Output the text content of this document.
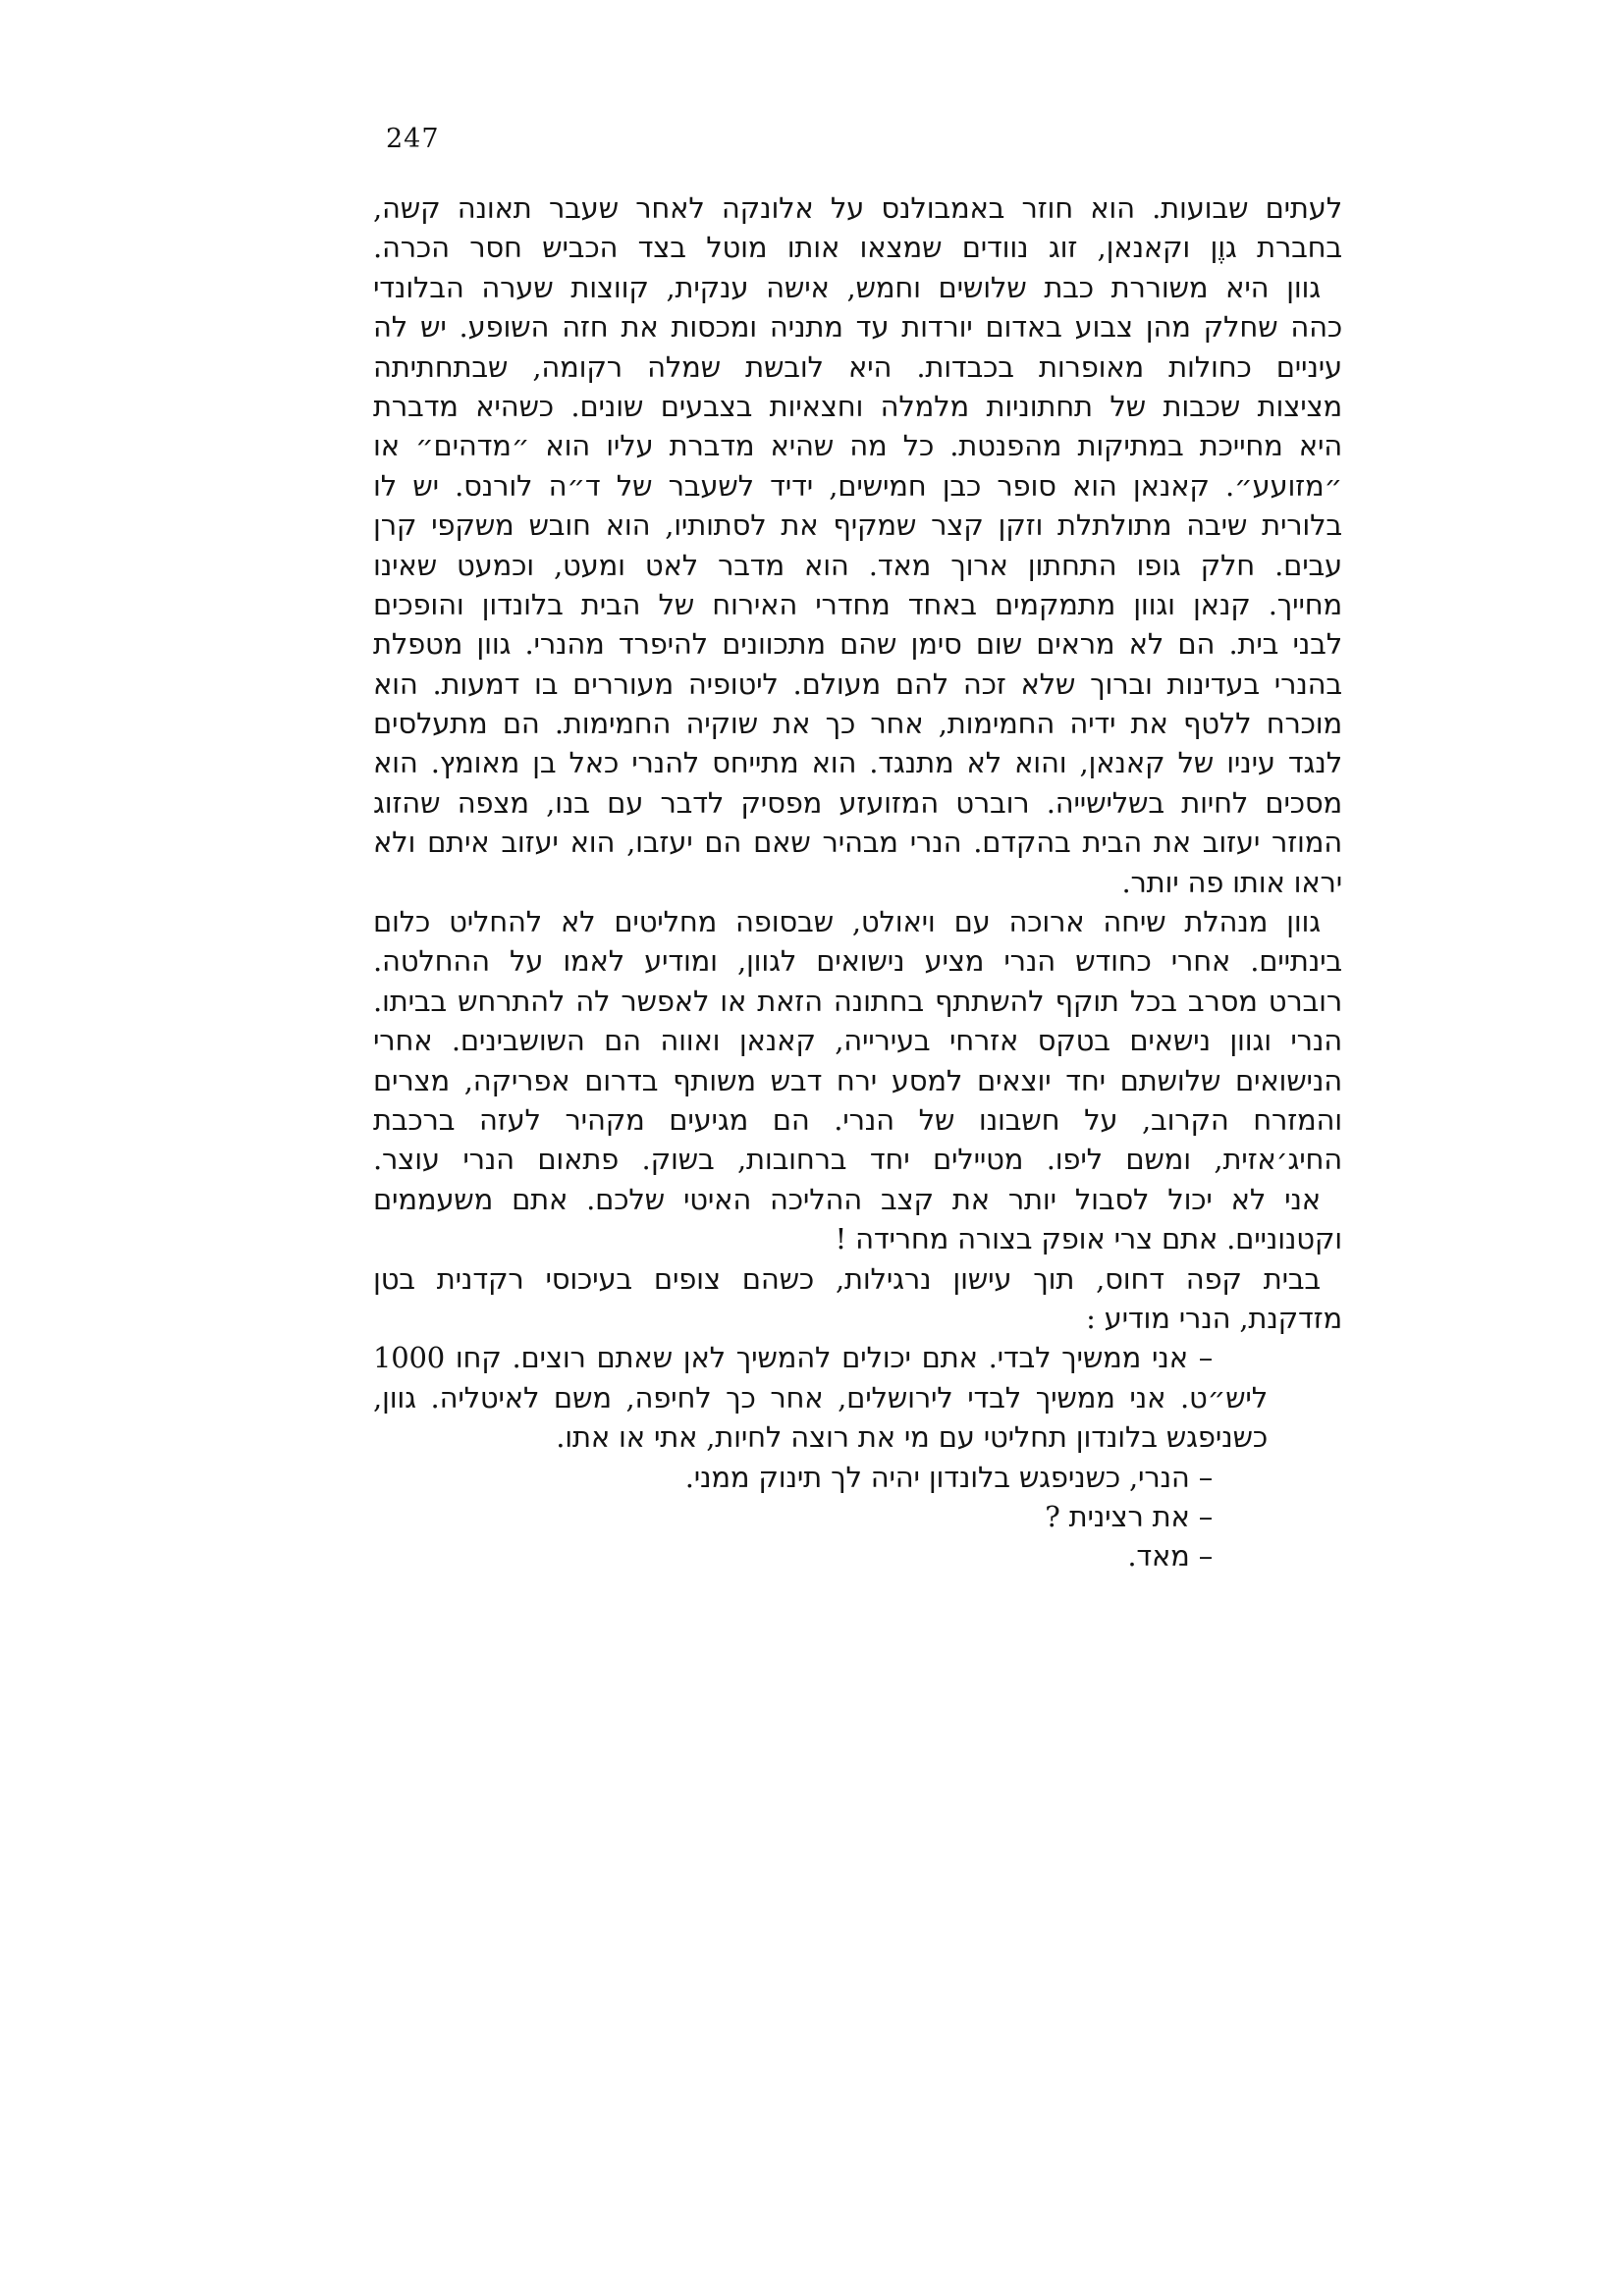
247
לעתים שבועות. הוא חוזר באמבולנס על אלונקה לאחר שעבר תאונה קשה,
בחברת גוֶן וקאנאן, זוג נוודים שמצאו אותו מוטל בצד הכביש חסר הכרה.
גוון היא משוררת כבת שלושים וחמש, אישה ענקית, קווצות שערה הבלונדי
כהה שחלק מהן צבוע באדום יורדות עד מתניה ומכסות את חזה השופע. יש לה
עיניים כחולות מאופרות בכבדות. היא לובשת שמלה רקומה, שבתחתיתה
מציצות שכבות של תחתוניות מלמלה וחצאיות בצבעים שונים. כשהיא מדברת
היא מחייכת במתיקות מהפנטת. כל מה שהיא מדברת עליו הוא ״מדהים״ או
״מזועע״. קאנאן הוא סופר כבן חמישים, ידיד לשעבר של ד״ה לורנס. יש לו
בלורית שיבה מתולתלת וזקן קצר שמקיף את לסתותיו, הוא חובש משקפי קרן
עבים. חלק גופו התחתון ארוך מאד. הוא מדבר לאט ומעט, וכמעט שאינו
מחייך. קנאן וגוון מתמקמים באחד מחדרי האירוח של הבית בלונדון והופכים
לבני בית. הם לא מראים שום סימן שהם מתכוונים להיפרד מהנרי. גוון מטפלת
בהנרי בעדינות וברוך שלא זכה להם מעולם. ליטופיה מעוררים בו דמעות. הוא
מוכרח ללטף את ידיה החמימות, אחר כך את שוקיה החמימות. הם מתעלסים
לנגד עיניו של קאנאן, והוא לא מתנגד. הוא מתייחס להנרי כאל בן מאומץ. הוא
מסכים לחיות בשלישייה. רוברט המזועזע מפסיק לדבר עם בנו, מצפה שהזוג
המוזר יעזוב את הבית בהקדם. הנרי מבהיר שאם הם יעזבו, הוא יעזוב איתם ולא
יראו אותו פה יותר.
גוון מנהלת שיחה ארוכה עם ויאולט, שבסופה מחליטים לא להחליט כלום
בינתיים. אחרי כחודש הנרי מציע נישואים לגוון, ומודיע לאמו על ההחלטה.
רוברט מסרב בכל תוקף להשתתף בחתונה הזאת או לאפשר לה להתרחש בביתו.
הנרי וגוון נישאים בטקס אזרחי בעירייה, קאנאן ואווה הם השושבינים. אחרי
הנישואים שלושתם יחד יוצאים למסע ירח דבש משותף בדרום אפריקה, מצרים
והמזרח הקרוב, על חשבונו של הנרי. הם מגיעים מקהיר לעזה ברכבת
החיג׳אזית, ומשם ליפו. מטיילים יחד ברחובות, בשוק. פתאום הנרי עוצר.
אני לא יכול לסבול יותר את קצב ההליכה האיטי שלכם. אתם משעממים
וקטנוניים. אתם צרי אופק בצורה מחרידה !
בבית קפה דחוס, תוך עישון נרגילות, כשהם צופים בעיכוסי רקדנית בטן
מזדקנת, הנרי מודיע :
– אני ממשיך לבדי. אתם יכולים להמשיך לאן שאתם רוצים. קחו 1000
ליש״ט. אני ממשיך לבדי לירושלים, אחר כך לחיפה, משם לאיטליה. גוון,
כשניפגש בלונדון תחליטי עם מי את רוצה לחיות, אתי או אתו.
– הנרי, כשניפגש בלונדון יהיה לך תינוק ממני.
– את רצינית ?
– מאד.
